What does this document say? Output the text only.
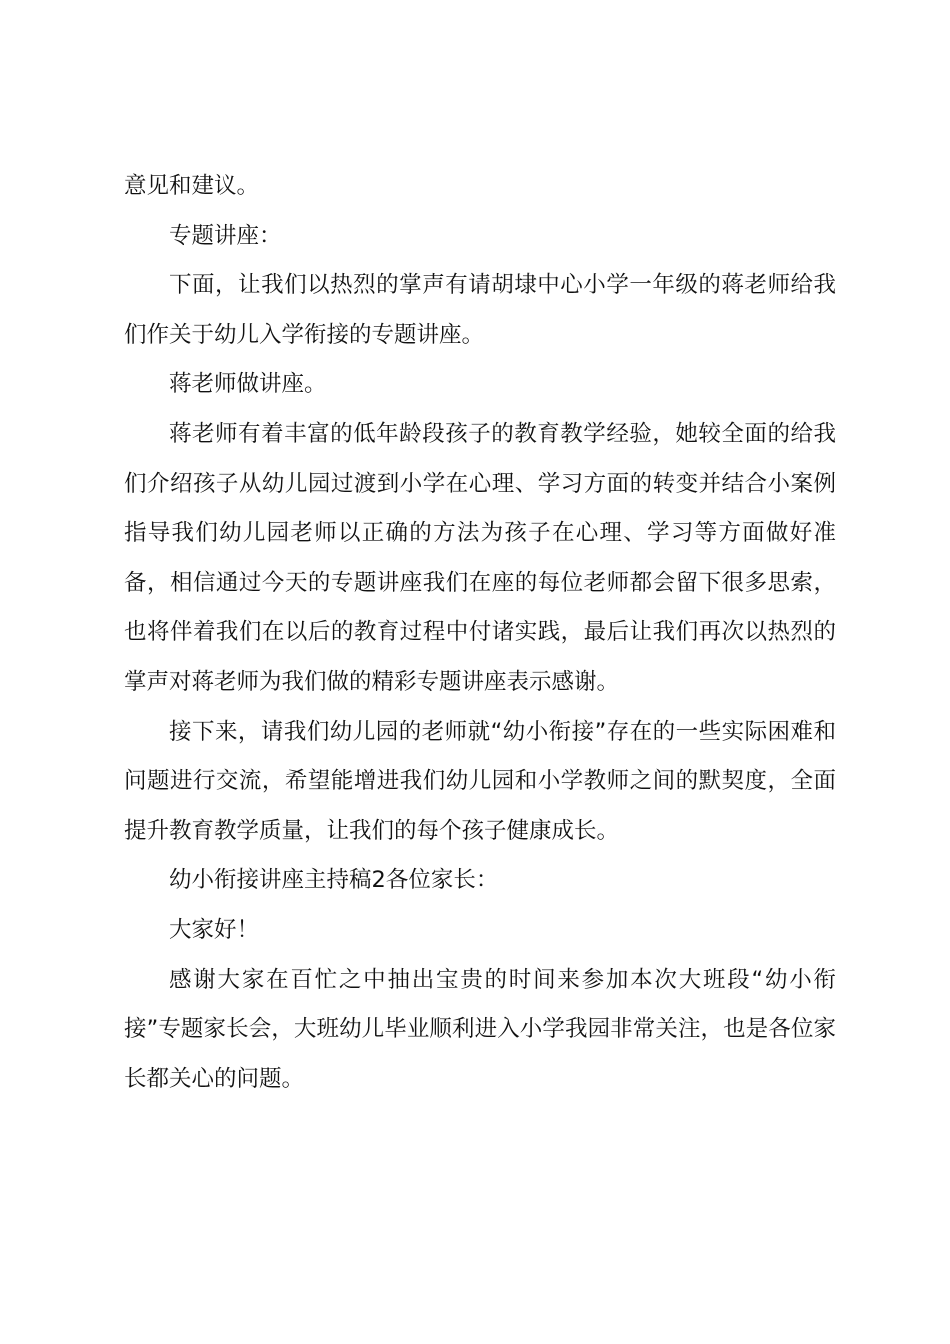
意见和建议。

专题讲座：

下面，让我们以热烈的掌声有请胡埭中心小学一年级的蒋老师给我们作关于幼儿入学衔接的专题讲座。

蒋老师做讲座。

蒋老师有着丰富的低年龄段孩子的教育教学经验，她较全面的给我们介绍孩子从幼儿园过渡到小学在心理、学习方面的转变并结合小案例指导我们幼儿园老师以正确的方法为孩子在心理、学习等方面做好准备，相信通过今天的专题讲座我们在座的每位老师都会留下很多思索，也将伴着我们在以后的教育过程中付诸实践，最后让我们再次以热烈的掌声对蒋老师为我们做的精彩专题讲座表示感谢。

接下来，请我们幼儿园的老师就“幼小衔接”存在的一些实际困难和问题进行交流，希望能增进我们幼儿园和小学教师之间的默契度，全面提升教育教学质量，让我们的每个孩子健康成长。

幼小衔接讲座主持稿2各位家长：

大家好！

感谢大家在百忙之中抽出宝贵的时间来参加本次大班段“幼小衔接”专题家长会，大班幼儿毕业顺利进入小学我园非常关注，也是各位家长都关心的问题。
